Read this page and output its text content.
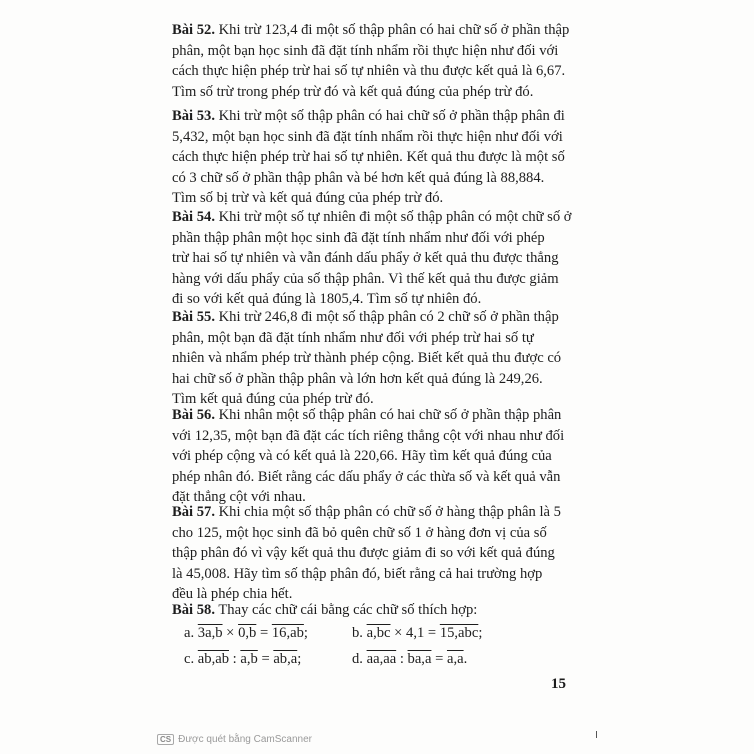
Bài 52. Khi trừ 123,4 đi một số thập phân có hai chữ số ở phần thập
phân, một bạn học sinh đã đặt tính nhẩm rồi thực hiện như đối với
cách thực hiện phép trừ hai số tự nhiên và thu được kết quả là 6,67.
Tìm số trừ trong phép trừ đó và kết quả đúng của phép trừ đó.
Bài 53. Khi trừ một số thập phân có hai chữ số ở phần thập phân đi
5,432, một bạn học sinh đã đặt tính nhẩm rồi thực hiện như đối với
cách thực hiện phép trừ hai số tự nhiên. Kết quả thu được là một số
có 3 chữ số ở phần thập phân và bé hơn kết quả đúng là 88,884.
Tìm số bị trừ và kết quả đúng của phép trừ đó.
Bài 54. Khi trừ một số tự nhiên đi một số thập phân có một chữ số ở
phần thập phân một học sinh đã đặt tính nhẩm như đối với phép
trừ hai số tự nhiên và vẫn đánh dấu phẩy ở kết quả thu được thẳng
hàng với dấu phẩy của số thập phân. Vì thế kết quả thu được giảm
đi so với kết quả đúng là 1805,4. Tìm số tự nhiên đó.
Bài 55. Khi trừ 246,8 đi một số thập phân có 2 chữ số ở phần thập
phân, một bạn đã đặt tính nhẩm như đối với phép trừ hai số tự
nhiên và nhẩm phép trừ thành phép cộng. Biết kết quả thu được có
hai chữ số ở phần thập phân và lớn hơn kết quả đúng là 249,26.
Tìm kết quả đúng của phép trừ đó.
Bài 56. Khi nhân một số thập phân có hai chữ số ở phần thập phân
với 12,35, một bạn đã đặt các tích riêng thẳng cột với nhau như đối
với phép cộng và có kết quả là 220,66. Hãy tìm kết quả đúng của
phép nhân đó. Biết rằng các dấu phẩy ở các thừa số và kết quả vẫn
đặt thẳng cột với nhau.
Bài 57. Khi chia một số thập phân có chữ số ở hàng thập phân là 5
cho 125, một học sinh đã bỏ quên chữ số 1 ở hàng đơn vị của số
thập phân đó vì vậy kết quả thu được giảm đi so với kết quả đúng
là 45,008. Hãy tìm số thập phân đó, biết rằng cả hai trường hợp
đều là phép chia hết.
Bài 58. Thay các chữ cái bằng các chữ số thích hợp:
a. 3a,b × 0,b = 16,ab;	b. a,bc × 4,1 = 15,abc;
c. ab,ab : a,b = ab,a;	d. aa,aa : ba,a = a,a.
15
CS Được quét bằng CamScanner
